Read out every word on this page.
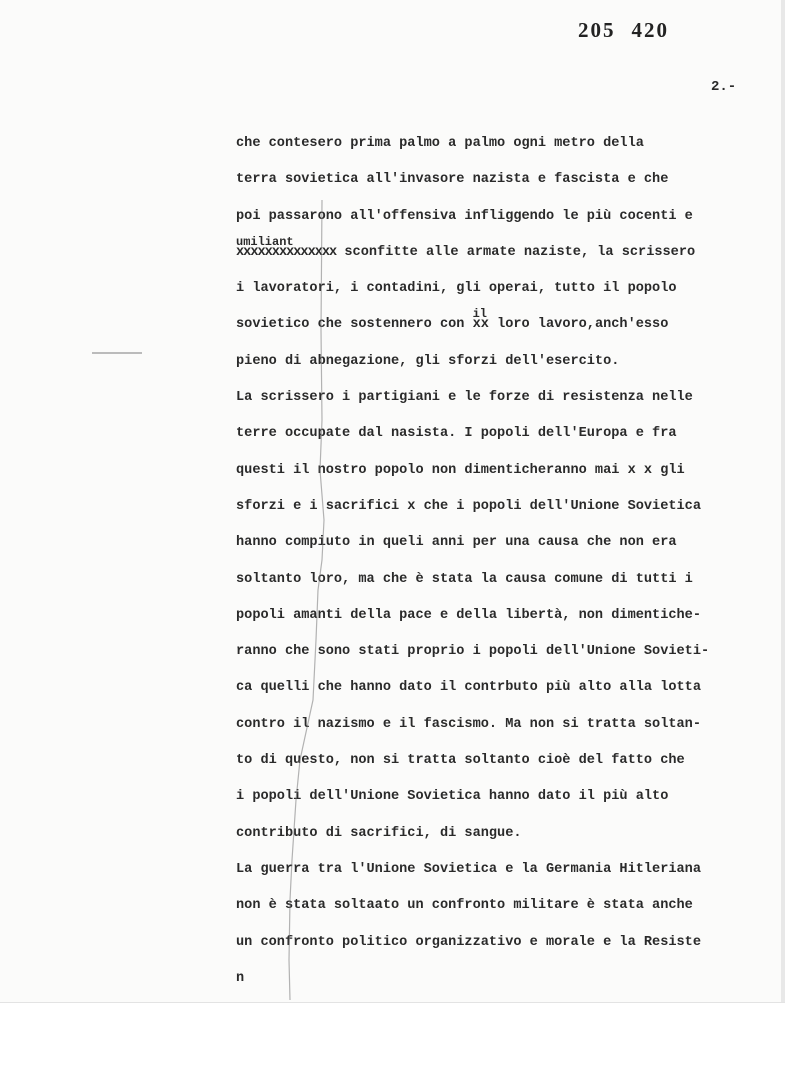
205 420
2.-
che contesero prima palmo a palmo ogni metro della
terra sovietica all'invasore nazista e fascista e che
poi passarono all'offensiva infliggendo le più cocenti e
umiliant
xxxxxxxxxxxxxx sconfitte alle armate naziste, la scrissero
i lavoratori, i contadini, gli operai, tutto il popolo
sovietico che sostennero con
il
xx loro lavoro,anch'esso
pieno di abnegazione, gli sforzi dell'esercito.
La scrissero i partigiani e le forze di resistenza nelle
terre occupate dal nasista. I popoli dell'Europa e fra
questi il nostro popolo non dimenticheranno mai x x gli
sforzi e i sacrifici x che i popoli dell'Unione Sovietica
hanno compiuto in queli anni per una causa che non era
soltanto loro, ma che è stata la causa comune di tutti i
popoli amanti della pace e della libertà, non dimentiche-
ranno che sono stati proprio i popoli dell'Unione Sovieti-
ca quelli che hanno dato il contrbuto più alto alla lotta
contro il nazismo e il fascismo. Ma non si tratta soltan-
to di questo, non si tratta soltanto cioè del fatto che
i popoli dell'Unione Sovietica hanno dato il più alto
contributo di sacrifici, di sangue.
La guerra tra l'Unione Sovietica e la Germania Hitleriana
non è stata soltaato un confronto militare è stata anche
un confronto politico organizzativo e morale e la Resiste
n
